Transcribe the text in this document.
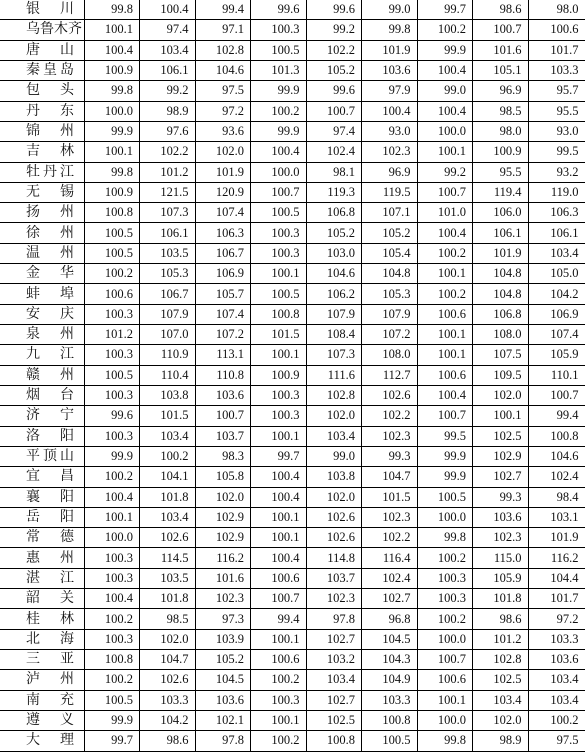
银 川	99.8	100.4	99.4	99.6	99.6	99.0	99.7	98.6	98.0

乌 鲁 木 齐	100.1	97.4	97.1	100.3	99.2	99.8	100.2	100.7	100.6

唐 山	100.4	103.4	102.8	100.5	102.2	101.9	99.9	101.6	101.7

秦 皇 岛	100.9	106.1	104.6	101.3	105.2	103.6	100.4	105.1	103.3

包 头	99.8	99.2	97.5	99.9	99.6	97.9	99.0	96.9	95.7

丹 东	100.0	98.9	97.2	100.2	100.7	100.4	100.4	98.5	95.5

锦 州	99.9	97.6	93.6	99.9	97.4	93.0	100.0	98.0	93.0

吉 林	100.1	102.2	102.0	100.4	102.4	102.3	100.1	100.9	99.5

牡 丹 江	99.8	101.2	101.9	100.0	98.1	96.9	99.2	95.5	93.2

无 锡	100.9	121.5	120.9	100.7	119.3	119.5	100.7	119.4	119.0

扬 州	100.8	107.3	107.4	100.5	106.8	107.1	101.0	106.0	106.3

徐 州	100.5	106.1	106.3	100.3	105.2	105.2	100.4	106.1	106.1

温 州	100.5	103.5	106.7	100.3	103.0	105.4	100.2	101.9	103.4

金 华	100.2	105.3	106.9	100.1	104.6	104.8	100.1	104.8	105.0

蚌 埠	100.6	106.7	105.7	100.5	106.2	105.3	100.2	104.8	104.2

安 庆	100.3	107.9	107.4	100.8	107.9	107.9	100.6	106.8	106.9

泉 州	101.2	107.0	107.2	101.5	108.4	107.2	100.1	108.0	107.4

九 江	100.3	110.9	113.1	100.1	107.3	108.0	100.1	107.5	105.9

赣 州	100.5	110.4	110.8	100.9	111.6	112.7	100.6	109.5	110.1

烟 台	100.3	103.8	103.6	100.3	102.8	102.6	100.4	102.0	100.7

济 宁	99.6	101.5	100.7	100.3	102.0	102.2	100.7	100.1	99.4

洛 阳	100.3	103.4	103.7	100.1	103.4	102.3	99.5	102.5	100.8

平 顶 山	99.9	100.2	98.3	99.7	99.0	99.3	99.9	102.9	104.6

宜 昌	100.2	104.1	105.8	100.4	103.8	104.7	99.9	102.7	102.4

襄 阳	100.4	101.8	102.0	100.4	102.0	101.5	100.5	99.3	98.4

岳 阳	100.1	103.4	102.9	100.1	102.6	102.3	100.0	103.6	103.1

常 德	100.0	102.6	102.9	100.1	102.6	102.2	99.8	102.3	101.9

惠 州	100.3	114.5	116.2	100.4	114.8	116.4	100.2	115.0	116.2

湛 江	100.3	103.5	101.6	100.6	103.7	102.4	100.3	105.9	104.4

韶 关	100.4	101.8	102.3	100.7	102.3	102.7	100.3	101.8	101.7

桂 林	100.2	98.5	97.3	99.4	97.8	96.8	100.2	98.6	97.2

北 海	100.3	102.0	103.9	100.1	102.7	104.5	100.0	101.2	103.3

三 亚	100.8	104.7	105.2	100.6	103.2	104.3	100.7	102.8	103.6

泸 州	100.2	102.6	104.5	100.2	103.4	104.9	100.6	102.5	103.4

南 充	100.5	103.3	103.6	100.3	102.7	103.3	100.1	103.4	103.4

遵 义	99.9	104.2	102.1	100.1	102.5	100.8	100.0	102.0	100.2

大 理	99.7	98.6	97.8	100.2	100.8	100.5	99.8	98.9	97.5
